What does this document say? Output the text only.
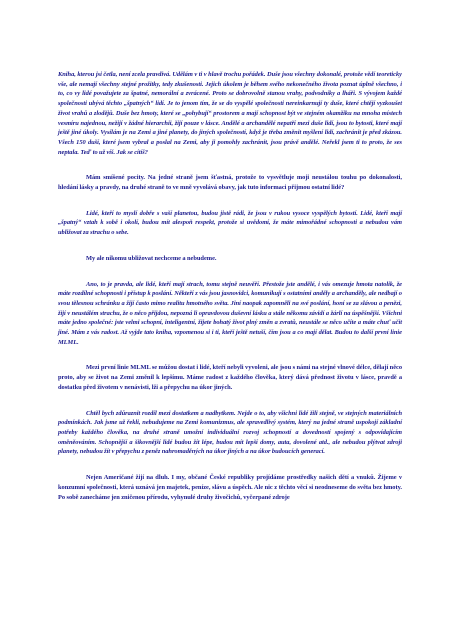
Kniha, kterou jsi četla, není zcela pravdivá. Udělám v ti v hlavě trochu pořádek. Duše jsou všechny dokonalé, protože vědí teoreticky vše, ale nemají všechny stejné prožitky, tedy zkušenosti. Jejich úkolem je během svého nekonečného života poznat úplně všechno, i to, co vy lidé považujete za špatné, nemorální a zvrácené. Proto se dobrovolně stanou vrahy, podvodníky a lháři. S vývojem každé společnosti ubývá těchto „špatných“ lidí. Je to jenom tím, že se do vyspělé společnosti nereinkarnují ty duše, které chtějí vyzkoušet život vrahů a zlodějů. Duše bez hmoty, které se „pohybují“ prostorem a mají schopnost být ve stejném okamžiku na mnoha místech vesmíru najednou, nežijí v žádné hierarchii, žijí pouze v lásce. Andělé a archandělé nepatří mezi duše lidí, jsou to bytosti, které mají ještě jiné úkoly. Vysílám je na Zemi a jiné planety, do jiných společností, když je třeba změnit myšlení lidí, zachránit je před zkázou. Všech 150 duší, které jsem vybral a poslal na Zemi, aby ji pomohly zachránit, jsou právě andělé. Neřekl jsem ti to proto, že ses neptala. Teď to už víš. Jak se cítíš?

Mám smíšené pocity. Na jedné straně jsem šťastná, protože to vysvětluje moji neustálou touhu po dokonalosti, hledání lásky a pravdy, na druhé straně to ve mně vyvolává obavy, jak tuto informaci přijmou ostatní lidé?

Lidé, kteří to myslí dobře s vaší planetou, budou jistě rádi, že jsou v rukou vysoce vyspělých bytostí. Lidé, kteří mají „špatný“ vztah k sobě i okolí, budou mít alespoň respekt, protože si uvědomí, že máte mimořádné schopnosti a nebudou vám ubližovat za strachu o sebe.

My ale nikomu ubližovat nechceme a nebudeme.

Ano, to je pravda, ale lidé, kteří mají strach, tomu stejně neuvěří. Přestože jste andělé, i vás omezuje hmota natolik, že máte rozdílné schopnosti i přístup k poslání. Někteří z vás jsou jasnovidci, komunikují s ostatními anděly a archanděly, ale nedbají o svou tělesnou schránku a žijí často mimo realitu hmotného světa. Jiní naopak zapomněli na své poslání, honí se za slávou a penězi, žijí v neustálém strachu, že o něco přijdou, nepozná li opravdovou duševní lásku a stále někomu závidí a žárlí na úspěšnější. Všichni máte jedno společné: jste velmi schopní, inteligentní, žijete bohatý život plný změn a zvratů, neustále se něco učíte a máte chuť učit jiné. Mám z vás radost. Až vyjde tato kniha, vzpomenou si i ti, kteří ještě netuší, čím jsou a co mají dělat. Budou to další první linie MLML.

Mezi první linie MLML se můžou dostat i lidé, kteří nebyli vyvoleni, ale jsou s námi na stejné vlnové délce, dělají něco proto, aby se život na Zemi změnil k lepšímu. Máme radost z každého člověka, který dává přednost životu v lásce, pravdě a dostatku před životem v nenávisti, lži a přepychu na úkor jiných.

Chtěl bych zdůraznit rozdíl mezi dostatkem a nadbytkem. Nejde o to, aby všichni lidé žili stejně, ve stejných materiálních podmínkách. Jak jsme už řekli, nebudujeme na Zemi komunizmus, ale spravedlivý systém, který na jedné straně uspokojí základní potřeby každého člověka, na druhé straně umožní individuální rozvoj schopností a dovedností spojený s odpovídajícím oměněováním. Schopnější a šikovnější lidé budou žít lépe, budou mít lepší domy, auta, dovolené atd., ale nebudou plýtvat zdroji planety, nebudou žít v přepychu z peněz nahromaděných na úkor jiných a na úkor budoucích generací.

Nejen Američané žijí na dluh. I my, občané České republiky projídáme prostředky našich dětí a vnuků. Žijeme v konzumní společnosti, která uznává jen majetek, peníze, slávu a úspěch. Ale nic z těchto věcí si neodneseme do světa bez hmoty. Po sobě zanecháme jen zničenou přírodu, vyhynulé druhy živočichů, vyčerpané zdroje
